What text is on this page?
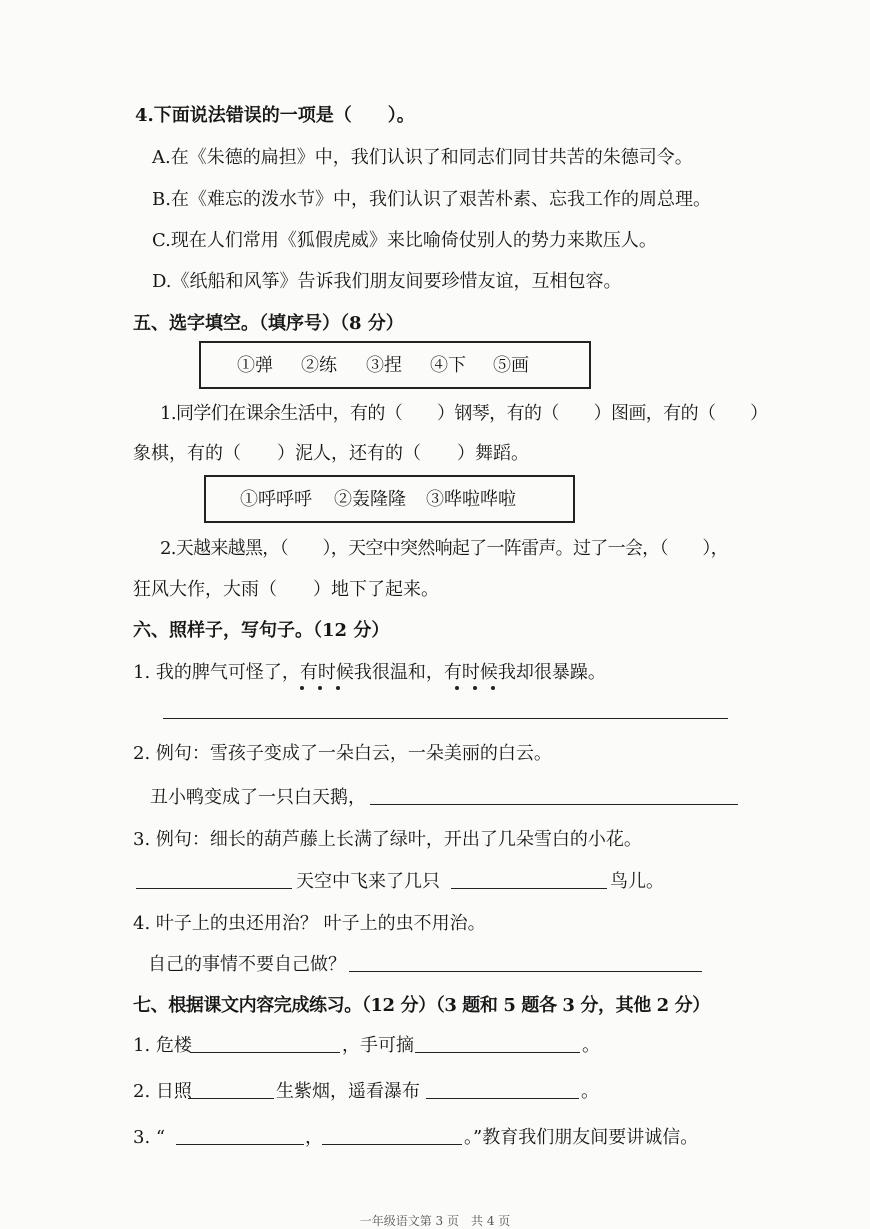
4.下面说法错误的一项是（　　）。
A.在《朱德的扁担》中，我们认识了和同志们同甘共苦的朱德司令。
B.在《难忘的泼水节》中，我们认识了艰苦朴素、忘我工作的周总理。
C.现在人们常用《狐假虎威》来比喻倚仗别人的势力来欺压人。
D.《纸船和风筝》告诉我们朋友间要珍惜友谊，互相包容。
五、选字填空。（填序号）（8 分）
①弹 ②练 ③捏 ④下 ⑤画
1.同学们在课余生活中，有的（　　）钢琴，有的（　　）图画，有的（　　）
象棋，有的（　　）泥人，还有的（　　）舞蹈。
①呼呼呼 ②轰隆隆 ③哗啦哗啦
2.天越来越黑，（　　），天空中突然响起了一阵雷声。过了一会，（　　），
狂风大作，大雨（　　）地下了起来。
六、照样子，写句子。（12 分）
1. 我的脾气可怪了，有时候我很温和，有时候我却很暴躁。
2. 例句：雪孩子变成了一朵白云，一朵美丽的白云。
丑小鸭变成了一只白天鹅，
3. 例句：细长的葫芦藤上长满了绿叶，开出了几朵雪白的小花。
天空中飞来了几只	鸟儿。
4. 叶子上的虫还用治？ 叶子上的虫不用治。
自己的事情不要自己做？
七、根据课文内容完成练习。（12 分）（3 题和 5 题各 3 分，其他 2 分）
1. 危楼	，手可摘	。
2. 日照	生紫烟，遥看瀑布	。
3. “	，	。”教育我们朋友间要讲诚信。
一年级语文第 3 页　共 4 页
